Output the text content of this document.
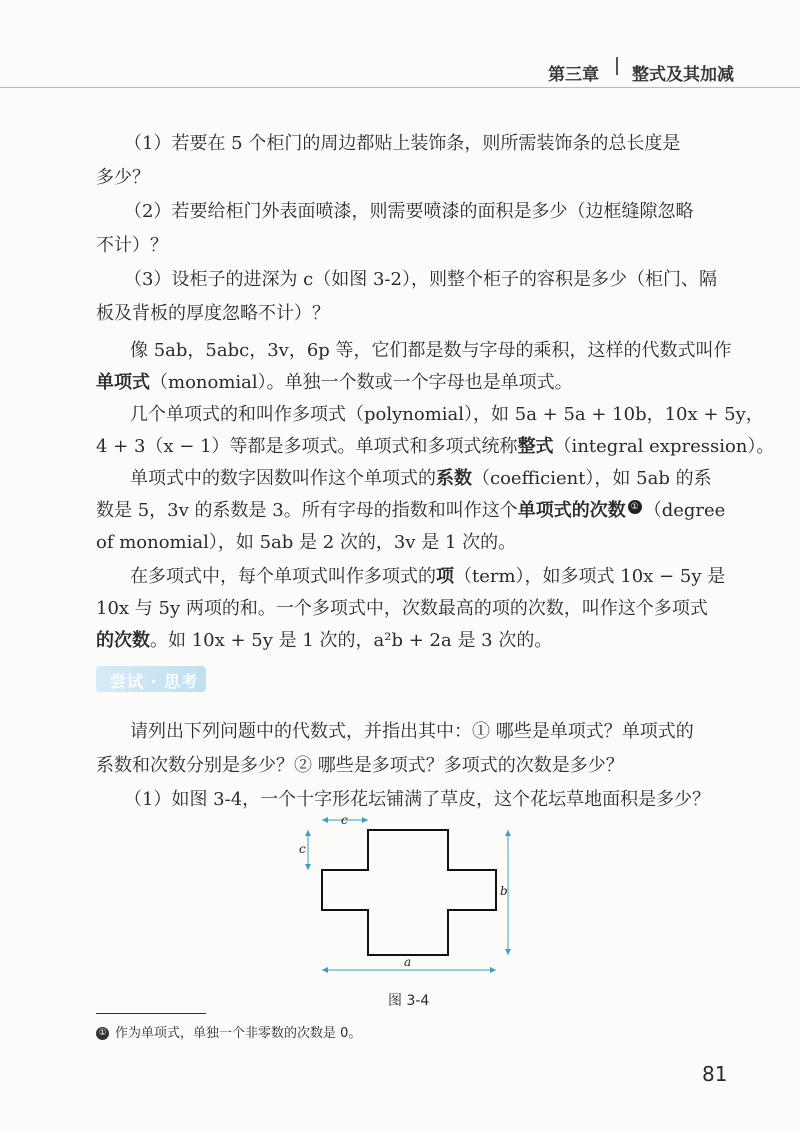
第三章 整式及其加减
（1）若要在 5 个柜门的周边都贴上装饰条，则所需装饰条的总长度是
多少？
（2）若要给柜门外表面喷漆，则需要喷漆的面积是多少（边框缝隙忽略
不计）？
（3）设柜子的进深为 c（如图 3-2），则整个柜子的容积是多少（柜门、隔
板及背板的厚度忽略不计）？
像 5ab，5abc，3v，6p 等，它们都是数与字母的乘积，这样的代数式叫作
单项式（monomial）。单独一个数或一个字母也是单项式。
几个单项式的和叫作多项式（polynomial），如 5a + 5a + 10b，10x + 5y，
4 + 3（x − 1）等都是多项式。单项式和多项式统称整式（integral expression）。
单项式中的数字因数叫作这个单项式的系数（coefficient），如 5ab 的系
数是 5，3v 的系数是 3。所有字母的指数和叫作这个单项式的次数 ① （degree
of monomial），如 5ab 是 2 次的，3v 是 1 次的。
在多项式中，每个单项式叫作多项式的项（term），如多项式 10x − 5y 是
10x 与 5y 两项的和。一个多项式中，次数最高的项的次数，叫作这个多项式
尝试 · 思考
请列出下列问题中的代数式，并指出其中：① 哪些是单项式？单项式的
系数和次数分别是多少？② 哪些是多项式？多项式的次数是多少？
（1）如图 3-4，一个十字形花坛铺满了草皮，这个花坛草地面积是多少？
c
c
b
a
图 3-4
① 作为单项式，单独一个非零数的次数是 0。
81
的次数。如 10x + 5y 是 1 次的，a²b + 2a 是 3 次的。
